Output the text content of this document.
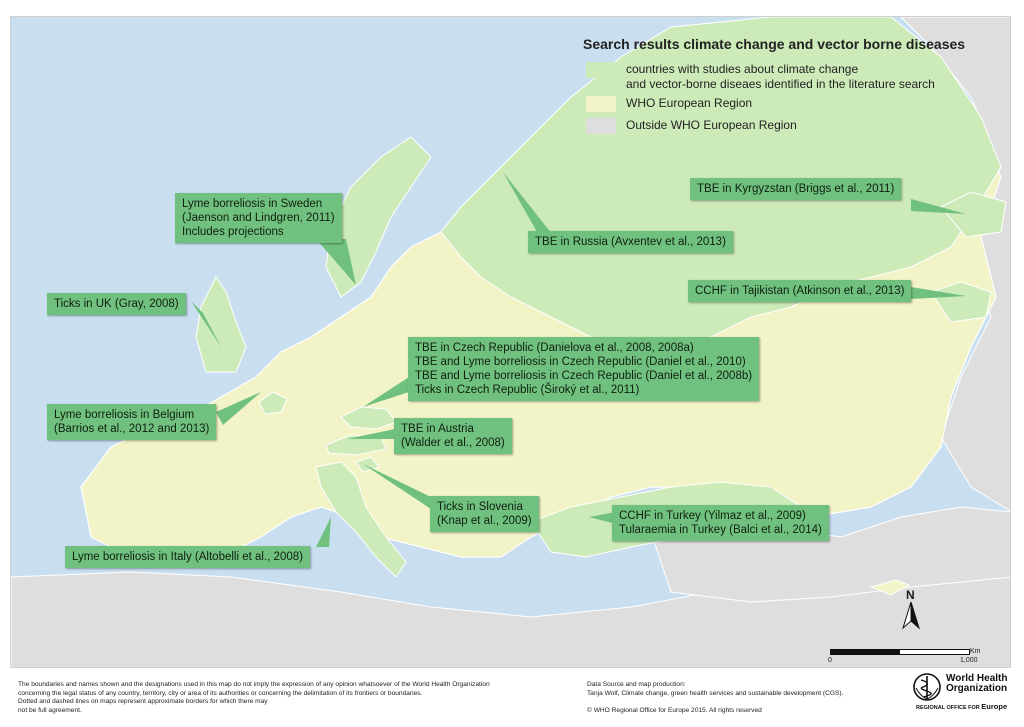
Search results climate change and vector borne diseases
countries with studies about climate change
and vector-borne diseaes identified in the literature search
WHO European Region
Outside WHO European Region
Lyme borreliosis in Sweden
(Jaenson and Lindgren, 2011)
Includes projections
TBE in Russia (Avxentev et al., 2013)
TBE in Kyrgyzstan (Briggs et al., 2011)
CCHF in Tajikistan (Atkinson et al., 2013)
Ticks in UK (Gray, 2008)
TBE in Czech Republic (Danielova et al., 2008, 2008a)
TBE and Lyme borreliosis in Czech Republic (Daniel et al., 2010)
TBE and Lyme borreliosis in Czech Republic (Daniel et al., 2008b)
Ticks in Czech Republic (Široký et al., 2011)
Lyme borreliosis in Belgium
(Barrios et al., 2012 and 2013)	TBE in Austria
(Walder et al., 2008)
Ticks in Slovenia
(Knap et al., 2009)	CCHF in Turkey (Yilmaz et al., 2009)
Tularaemia in Turkey (Balci et al., 2014)
Lyme borreliosis in Italy (Altobelli et al., 2008)
N
Km
0	1,000
The boundaries and names shown and the designations used in this map do not imply the expression of any opinion whatsoever of the World Health Organization
concerning the legal status of any country, territory, city or area of its authorities or concerning the delimitation of its frontiers or boundaries.
Dotted and dashed lines on maps represent approximate borders for which there may
not be full agreement.
Data Source and map production:
Tanja Wolf, Climate change, green health services and sustainable development (CGS).

© WHO Regional Office for Europe 2015. All rights reserved
World Health
Organization
REGIONAL OFFICE FOR Europe
